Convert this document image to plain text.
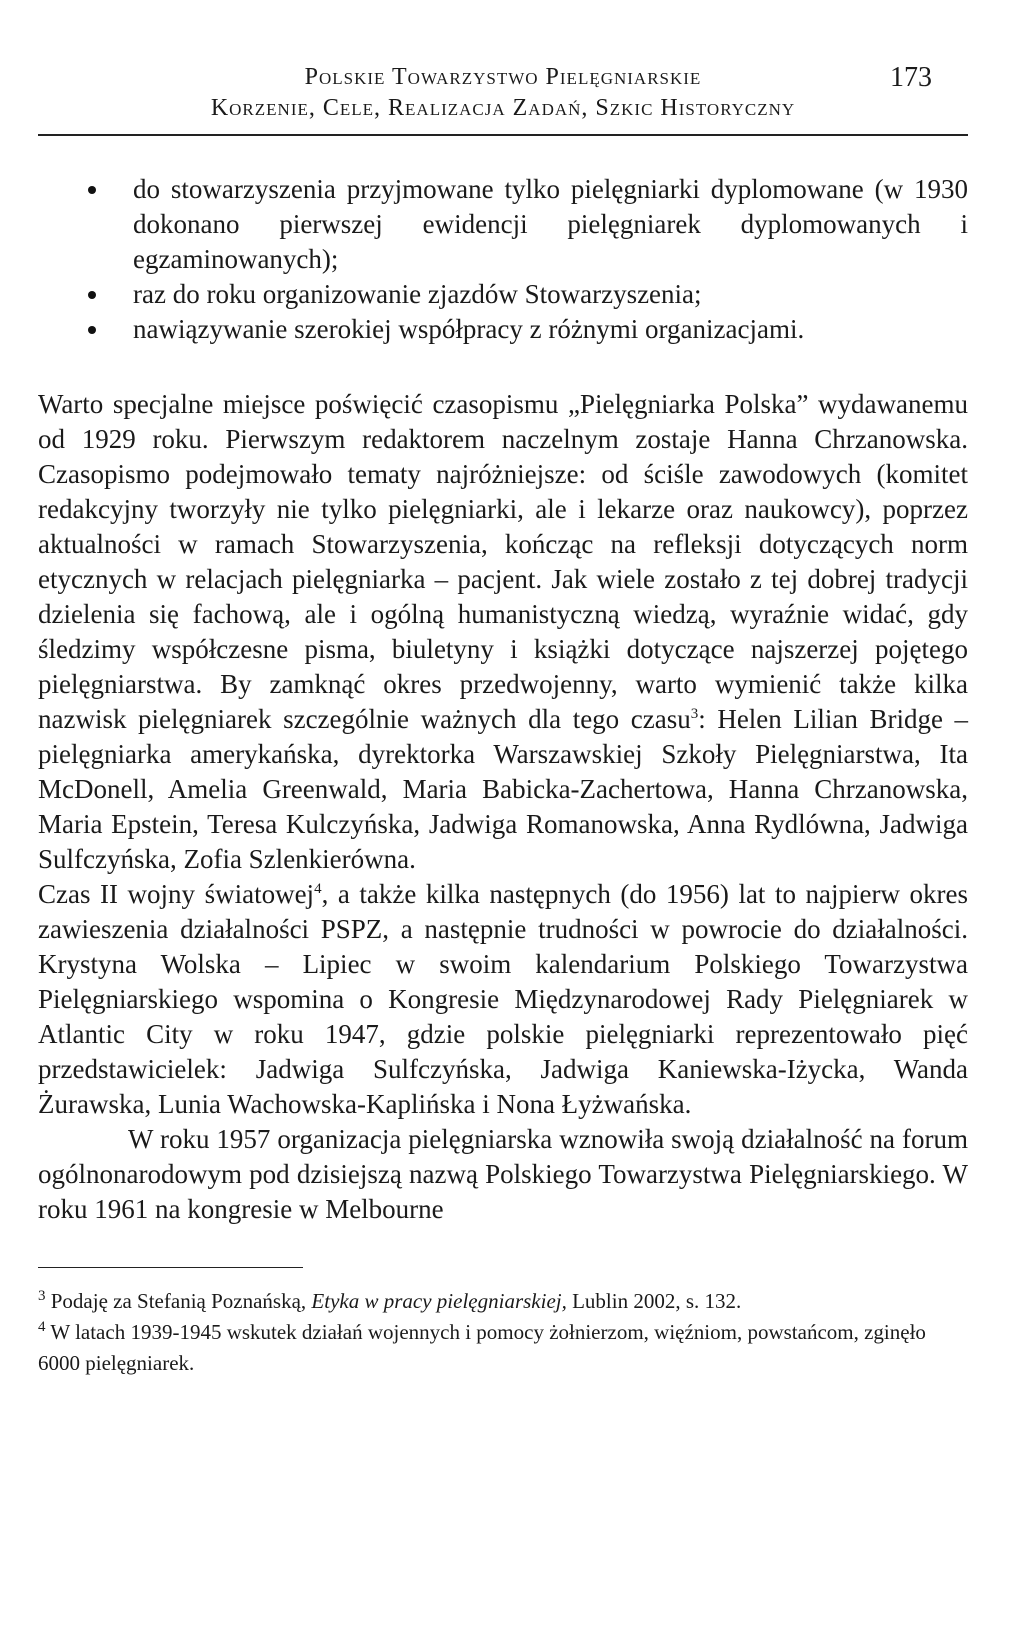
Polskie Towarzystwo Pielęgniarskie
Korzenie, Cele, Realizacja Zadań, Szkic Historyczny
173
do stowarzyszenia przyjmowane tylko pielęgniarki dyplomowane (w 1930 dokonano pierwszej ewidencji pielęgniarek dyplomowanych i egzaminowanych);
raz do roku organizowanie zjazdów Stowarzyszenia;
nawiązywanie szerokiej współpracy z różnymi organizacjami.

Warto specjalne miejsce poświęcić czasopismu „Pielęgniarka Polska” wydawanemu od 1929 roku. Pierwszym redaktorem naczelnym zostaje Hanna Chrzanowska. Czasopismo podejmowało tematy najróżniejsze: od ściśle zawodowych (komitet redakcyjny tworzyły nie tylko pielęgniarki, ale i lekarze oraz naukowcy), poprzez aktualności w ramach Stowarzyszenia, kończąc na refleksji dotyczących norm etycznych w relacjach pielęgniarka – pacjent. Jak wiele zostało z tej dobrej tradycji dzielenia się fachową, ale i ogólną humanistyczną wiedzą, wyraźnie widać, gdy śledzimy współczesne pisma, biuletyny i książki dotyczące najszerzej pojętego pielęgniarstwa. By zamknąć okres przedwojenny, warto wymienić także kilka nazwisk pielęgniarek szczególnie ważnych dla tego czasu$^3$: Helen Lilian Bridge – pielęgniarka amerykańska, dyrektorka Warszawskiej Szkoły Pielęgniarstwa, Ita McDonell, Amelia Greenwald, Maria Babicka-Zachertowa, Hanna Chrzanowska, Maria Epstein, Teresa Kulczyńska, Jadwiga Romanowska, Anna Rydlówna, Jadwiga Sulfczyńska, Zofia Szlenkierówna.

Czas II wojny światowej$^4$, a także kilka następnych (do 1956) lat to najpierw okres zawieszenia działalności PSPZ, a następnie trudności w powrocie do działalności. Krystyna Wolska – Lipiec w swoim kalendarium Polskiego Towarzystwa Pielęgniarskiego wspomina o Kongresie Międzynarodowej Rady Pielęgniarek w Atlantic City w roku 1947, gdzie polskie pielęgniarki reprezentowało pięć przedstawicielek: Jadwiga Sulfczyńska, Jadwiga Kaniewska-Iżycka, Wanda Żurawska, Lunia Wachowska-Kaplińska i Nona Łyżwańska.

W roku 1957 organizacja pielęgniarska wznowiła swoją działalność na forum ogólnonarodowym pod dzisiejszą nazwą Polskiego Towarzystwa Pielęgniarskiego. W roku 1961 na kongresie w Melbourne

$^3$ Podaję za Stefanią Poznańską, Etyka w pracy pielęgniarskiej, Lublin 2002, s. 132.

$^4$ W latach 1939-1945 wskutek działań wojennych i pomocy żołnierzom, więźniom, powstańcom, zginęło 6000 pielęgniarek.
